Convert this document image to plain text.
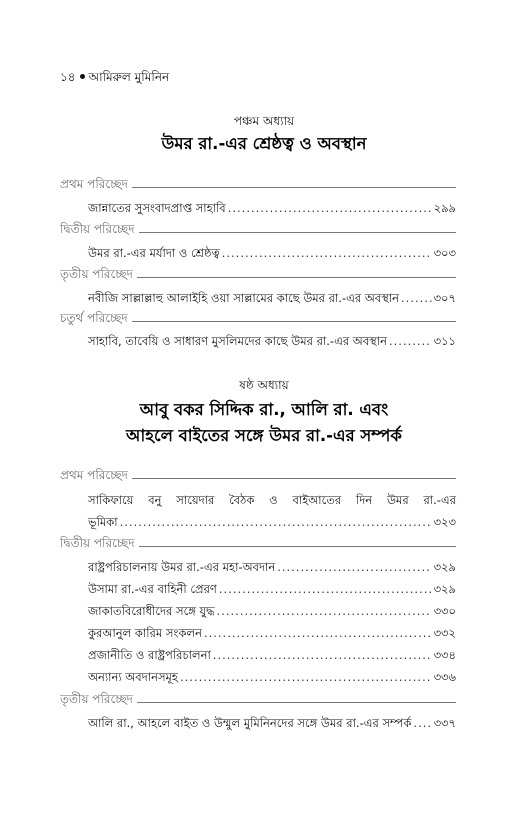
১৪ আমিরুল মুমিনিন
পঞ্চম অধ্যায়
উমর রা.-এর শ্রেষ্ঠত্ব ও অবস্থান
প্রথম পরিচ্ছেদ
জান্নাতের সুসংবাদপ্রাপ্ত সাহাবি .....	২৯৯
দ্বিতীয় পরিচ্ছেদ
উমর রা.-এর মর্যাদা ও শ্রেষ্ঠত্ব .....	৩০৩
তৃতীয় পরিচ্ছেদ
নবীজি সাল্লাল্লাহু আলাইহি ওয়া সাল্লামের কাছে উমর রা.-এর অবস্থান .....	৩০৭
চতুর্থ পরিচ্ছেদ
সাহাবি, তাবেয়ি ও সাধারণ মুসলিমদের কাছে উমর রা.-এর অবস্থান .....	৩১১
ষষ্ঠ অধ্যায়
আবু বকর সিদ্দিক রা., আলি রা. এবং
আহলে বাইতের সঙ্গে উমর রা.-এর সম্পর্ক
প্রথম পরিচ্ছেদ
সাকিফায়ে বনু সায়েদার বৈঠক ও বাইআতের দিন উমর রা.-এর
ভূমিকা .....	৩২৩
দ্বিতীয় পরিচ্ছেদ
রাষ্ট্রপরিচালনায় উমর রা.-এর মহা-অবদান .....	৩২৯
উসামা রা.-এর বাহিনী প্রেরণ .....	৩২৯
জাকাতবিরোধীদের সঙ্গে যুদ্ধ .....	৩৩০
কুরআনুল কারিম সংকলন .....	৩৩২
প্রজানীতি ও রাষ্ট্রপরিচালনা .....	৩৩৪
অন্যান্য অবদানসমূহ .....	৩৩৬
তৃতীয় পরিচ্ছেদ
আলি রা., আহলে বাইত ও উম্মুল মুমিনিনদের সঙ্গে উমর রা.-এর সম্পর্ক ..... ৩৩৭
